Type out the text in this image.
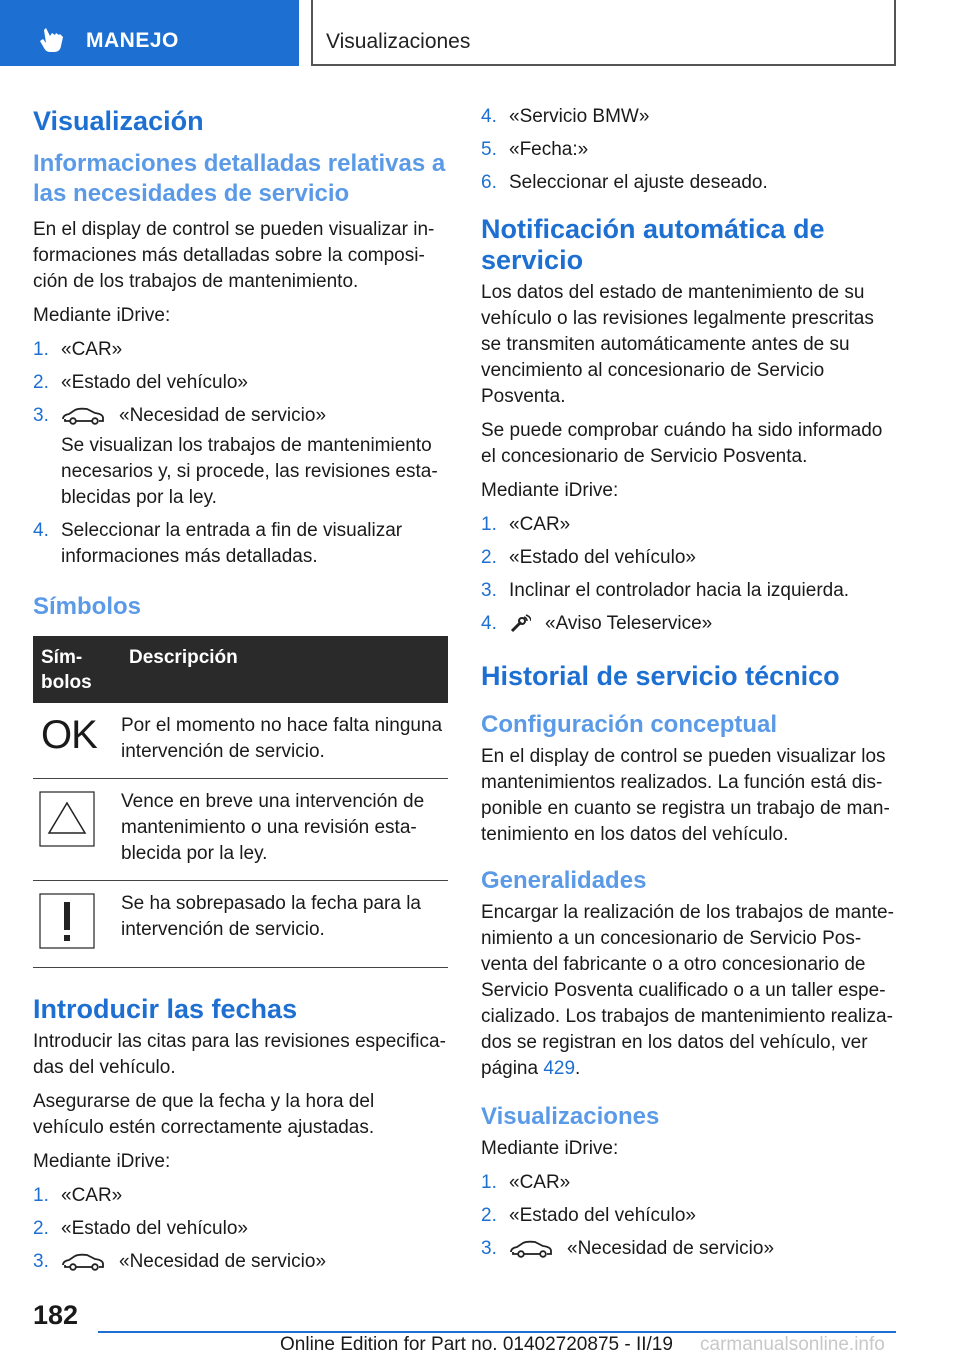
MANEJO	Visualizaciones
Visualización
Informaciones detalladas relativas a las necesidades de servicio

En el display de control se pueden visualizar informaciones más detalladas sobre la composición de los trabajos de mantenimiento.

Mediante iDrive:

1. «CAR»
2. «Estado del vehículo»
3.	«Necesidad de servicio»
Se visualizan los trabajos de mantenimiento necesarios y, si procede, las revisiones establecidas por la ley.
4. Seleccionar la entrada a fin de visualizar informaciones más detalladas.
Símbolos
Sím-bolos	Descripción

OK	Por el momento no hace falta ninguna intervención de servicio.
	Vence en breve una intervención de mantenimiento o una revisión establecida por la ley.
	Se ha sobrepasado la fecha para la intervención de servicio.
Introducir las fechas

Introducir las citas para las revisiones especificadas del vehículo.

Asegurarse de que la fecha y la hora del vehículo estén correctamente ajustadas.

Mediante iDrive:

1. «CAR»
2. «Estado del vehículo»
3.	«Necesidad de servicio»
4. «Servicio BMW»
5. «Fecha:»
6. Seleccionar el ajuste deseado.
Notificación automática de servicio

Los datos del estado de mantenimiento de su vehículo o las revisiones legalmente prescritas se transmiten automáticamente antes de su vencimiento al concesionario de Servicio Posventa.

Se puede comprobar cuándo ha sido informado el concesionario de Servicio Posventa.

Mediante iDrive:

1. «CAR»
2. «Estado del vehículo»
3. Inclinar el controlador hacia la izquierda.
4.	«Aviso Teleservice»
Historial de servicio técnico
Configuración conceptual

En el display de control se pueden visualizar los mantenimientos realizados. La función está disponible en cuanto se registra un trabajo de mantenimiento en los datos del vehículo.

Generalidades

Encargar la realización de los trabajos de mantenimiento a un concesionario de Servicio Posventa del fabricante o a otro concesionario de Servicio Posventa cualificado o a un taller especializado. Los trabajos de mantenimiento realizados se registran en los datos del vehículo, ver página 429.

Visualizaciones

Mediante iDrive:

1. «CAR»
2. «Estado del vehículo»
3.	«Necesidad de servicio»
182
Online Edition for Part no. 01402720875 - II/19 carmanualsonline.info
